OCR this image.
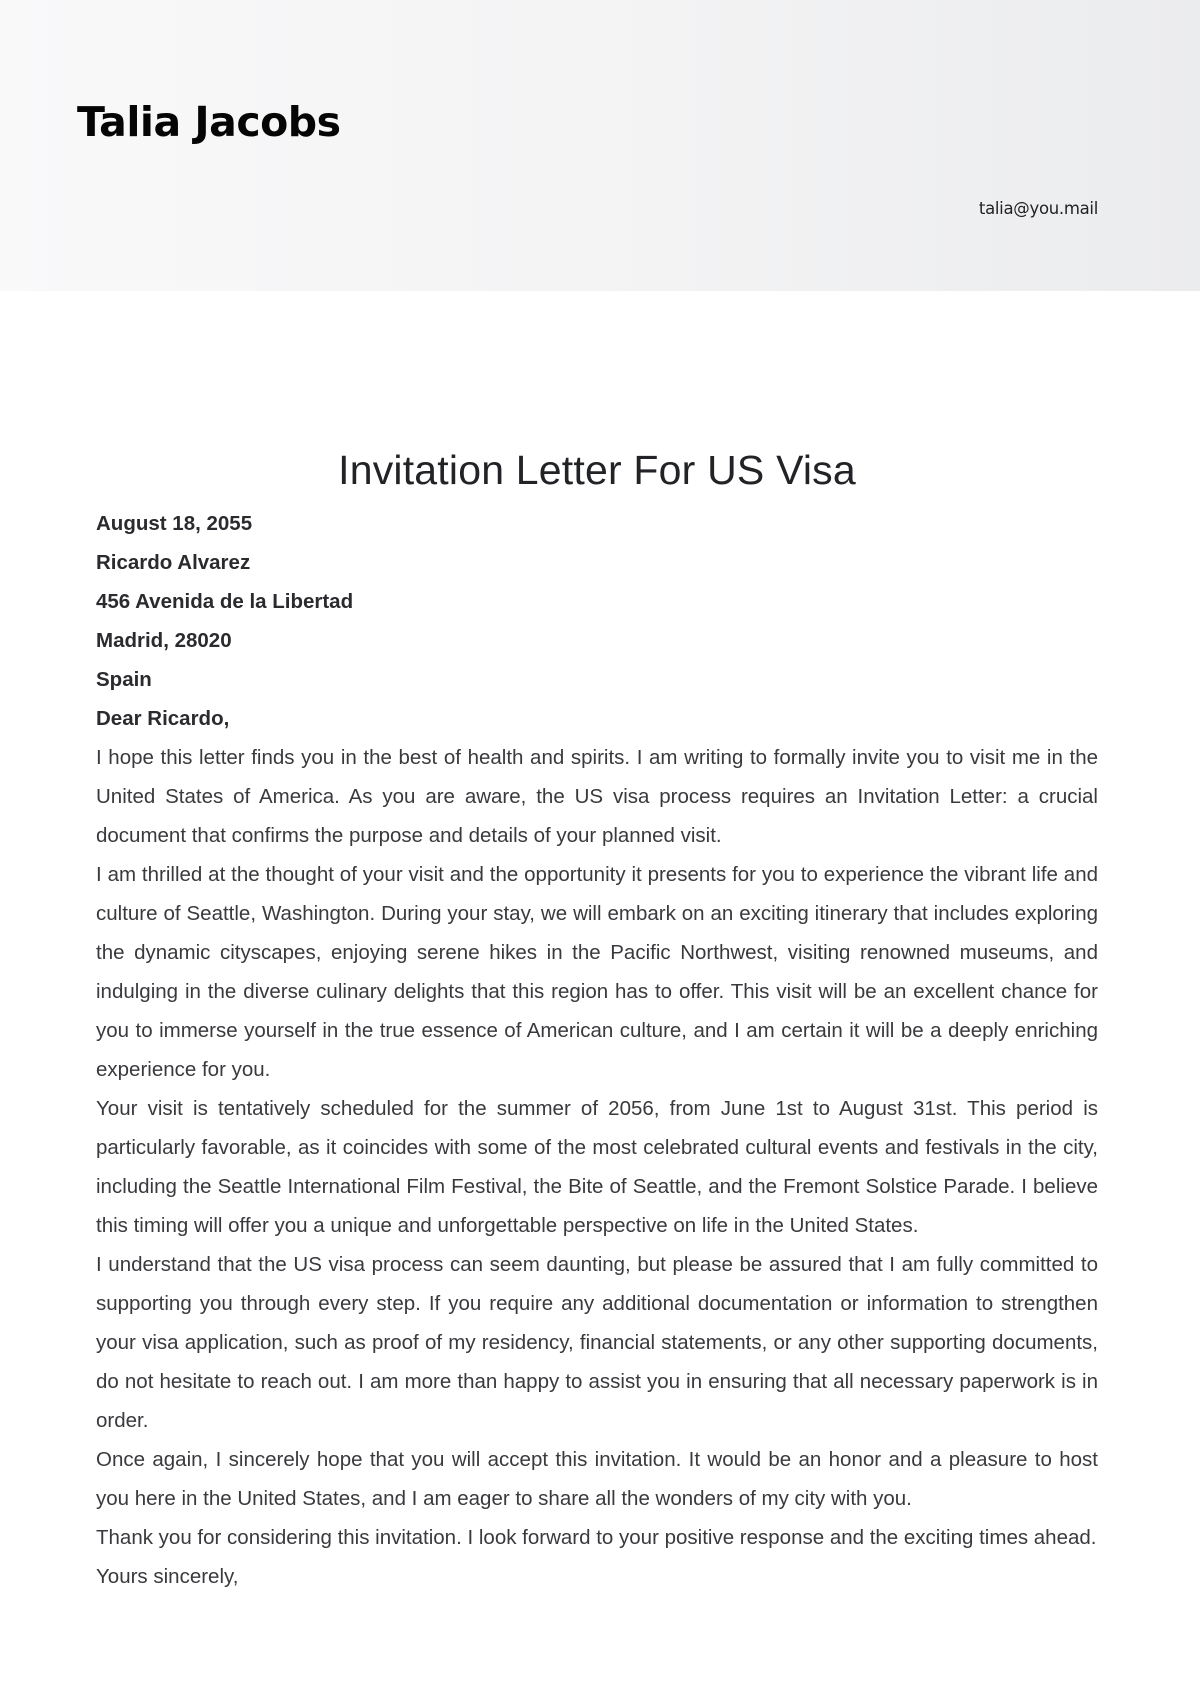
Talia Jacobs
talia@you.mail
Invitation Letter For US Visa
August 18, 2055
Ricardo Alvarez
456 Avenida de la Libertad
Madrid, 28020
Spain
Dear Ricardo,

I hope this letter finds you in the best of health and spirits. I am writing to formally invite you to visit me in the United States of America. As you are aware, the US visa process requires an Invitation Letter: a crucial document that confirms the purpose and details of your planned visit.

I am thrilled at the thought of your visit and the opportunity it presents for you to experience the vibrant life and culture of Seattle, Washington. During your stay, we will embark on an exciting itinerary that includes exploring the dynamic cityscapes, enjoying serene hikes in the Pacific Northwest, visiting renowned museums, and indulging in the diverse culinary delights that this region has to offer. This visit will be an excellent chance for you to immerse yourself in the true essence of American culture, and I am certain it will be a deeply enriching experience for you.

Your visit is tentatively scheduled for the summer of 2056, from June 1st to August 31st. This period is particularly favorable, as it coincides with some of the most celebrated cultural events and festivals in the city, including the Seattle International Film Festival, the Bite of Seattle, and the Fremont Solstice Parade. I believe this timing will offer you a unique and unforgettable perspective on life in the United States.

I understand that the US visa process can seem daunting, but please be assured that I am fully committed to supporting you through every step. If you require any additional documentation or information to strengthen your visa application, such as proof of my residency, financial statements, or any other supporting documents, do not hesitate to reach out. I am more than happy to assist you in ensuring that all necessary paperwork is in order.

Once again, I sincerely hope that you will accept this invitation. It would be an honor and a pleasure to host you here in the United States, and I am eager to share all the wonders of my city with you.

Thank you for considering this invitation. I look forward to your positive response and the exciting times ahead.

Yours sincerely,
